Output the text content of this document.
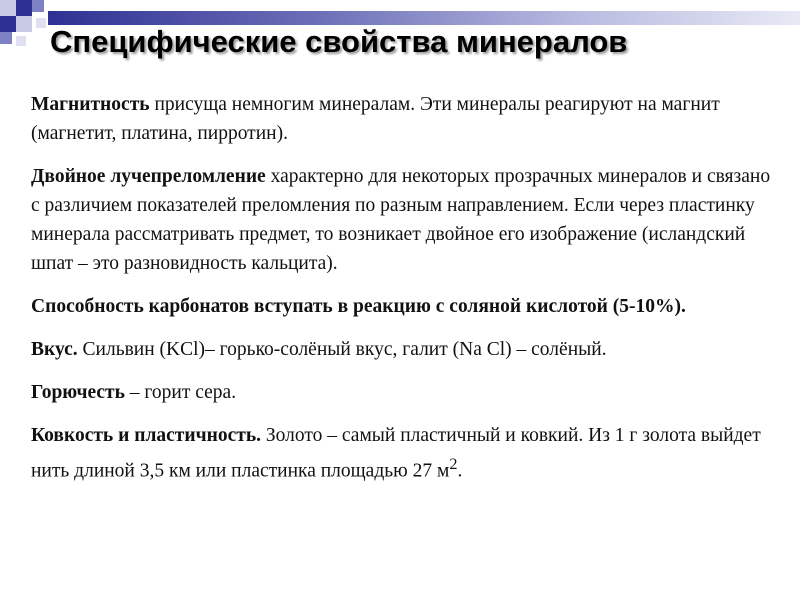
Специфические свойства минералов

Магнитность присуща немногим минералам. Эти минералы реагируют на магнит (магнетит, платина, пирротин).

Двойное лучепреломление характерно для некоторых прозрачных минералов и связано с различием показателей преломления по разным направлением. Если через пластинку минерала рассматривать предмет, то возникает двойное его изображение (исландский шпат – это разновидность кальцита).

Способность карбонатов вступать в реакцию с соляной кислотой (5-10%).

Вкус. Сильвин (KCl)– горько-солёный вкус, галит (Na Cl) – солёный.

Горючесть – горит сера.

Ковкость и пластичность. Золото – самый пластичный и ковкий. Из 1 г золота выйдет нить длиной 3,5 км или пластинка площадью 27 $м^2$.
